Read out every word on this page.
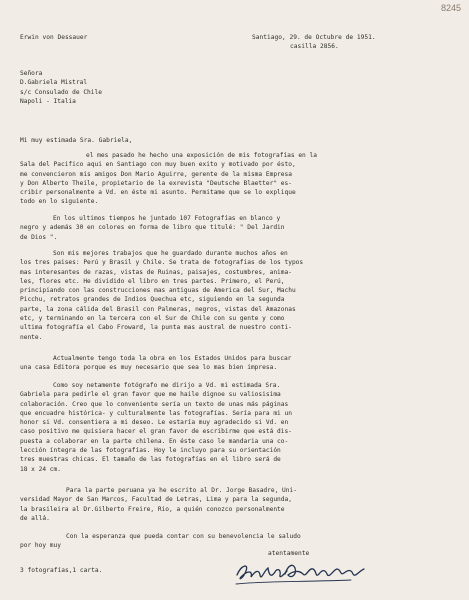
8245
Erwin von Dessauer	Santiago, 29. de Octubre de 1951.
casilla 2856.
Señora
D.Gabriela Mistral
s/c Consulado de Chile
Napoli - Italia
Mi muy estimada Sra. Gabriela,
el mes pasado he hecho una exposición de mis fotografías en la
Sala del Pacifico aqui en Santiago con muy buen exito y motivado por ésto,
me convencieron mis amigos Don Mario Aguirre, gerente de la misma Empresa
y Don Alberto Theile, propietario de la exrevista "Deutsche Blaetter" es-
cribir personalmente a Vd. en éste mi asunto. Permitame que se lo explique
todo en lo siguiente.
En los ultimos tiempos he juntado 107 Fotografías en blanco y
negro y además 30 en colores en forma de libro que titulé: " Del Jardin
de Dios ".
Son mis mejores trabajos que he guardado durante muchos años en
los tres paises: Perú y Brasil y Chile. Se trata de fotografias de los typos
mas interesantes de razas, vistas de Ruinas, paisajes, costumbres, anima-
les, flores etc. He dividido el libro en tres partes. Primero, el Perú,
principiando con las construcciones mas antiguas de America del Sur, Machu
Picchu, retratos grandes de Indios Quechua etc, siguiendo en la segunda
parte, la zona cálida del Brasil con Palmeras, negros, vistas del Amazonas
etc, y terminando en la tercera con el Sur de Chile con su gente y como
ultima fotografía el Cabo Froward, la punta mas austral de nuestro conti-
nente.
Actualmente tengo toda la obra en los Estados Unidos para buscar
una casa Editora porque es muy necesario que sea lo mas bien impresa.
Como soy netamente fotógrafo me dirijo a Vd. mi estimada Sra.
Gabriela para pedirle el gran favor que me haile dignoe su valiosisima
colaboración. Creo que lo conveniente sería un texto de unas más páginas
que encuadre histórica- y culturalmente las fotografías. Sería para mi un
honor si Vd. consentiera a mi deseo. Le estaría muy agradecido si Vd. en
caso positivo me quisiera hacer el gran favor de escribirme que está dis-
puesta a colaborar en la parte chilena. En éste caso le mandaria una co-
lección íntegra de las fotografías. Hoy le incluyo para su orientación
tres muestras chicas. El tamaño de las fotografías en el libro será de
18 x 24 cm.
Para la parte peruana ya he escrito al Dr. Jorge Basadre, Uni-
versidad Mayor de San Marcos, Facultad de Letras, Lima y para la segunda,
la brasileira al Dr.Gilberto Freire, Rio, a quién conozco personalmente
de allá.
Con la esperanza que pueda contar con su benevolencia le saludo
por hoy muy
atentamente
3 fotografías,1 carta.
